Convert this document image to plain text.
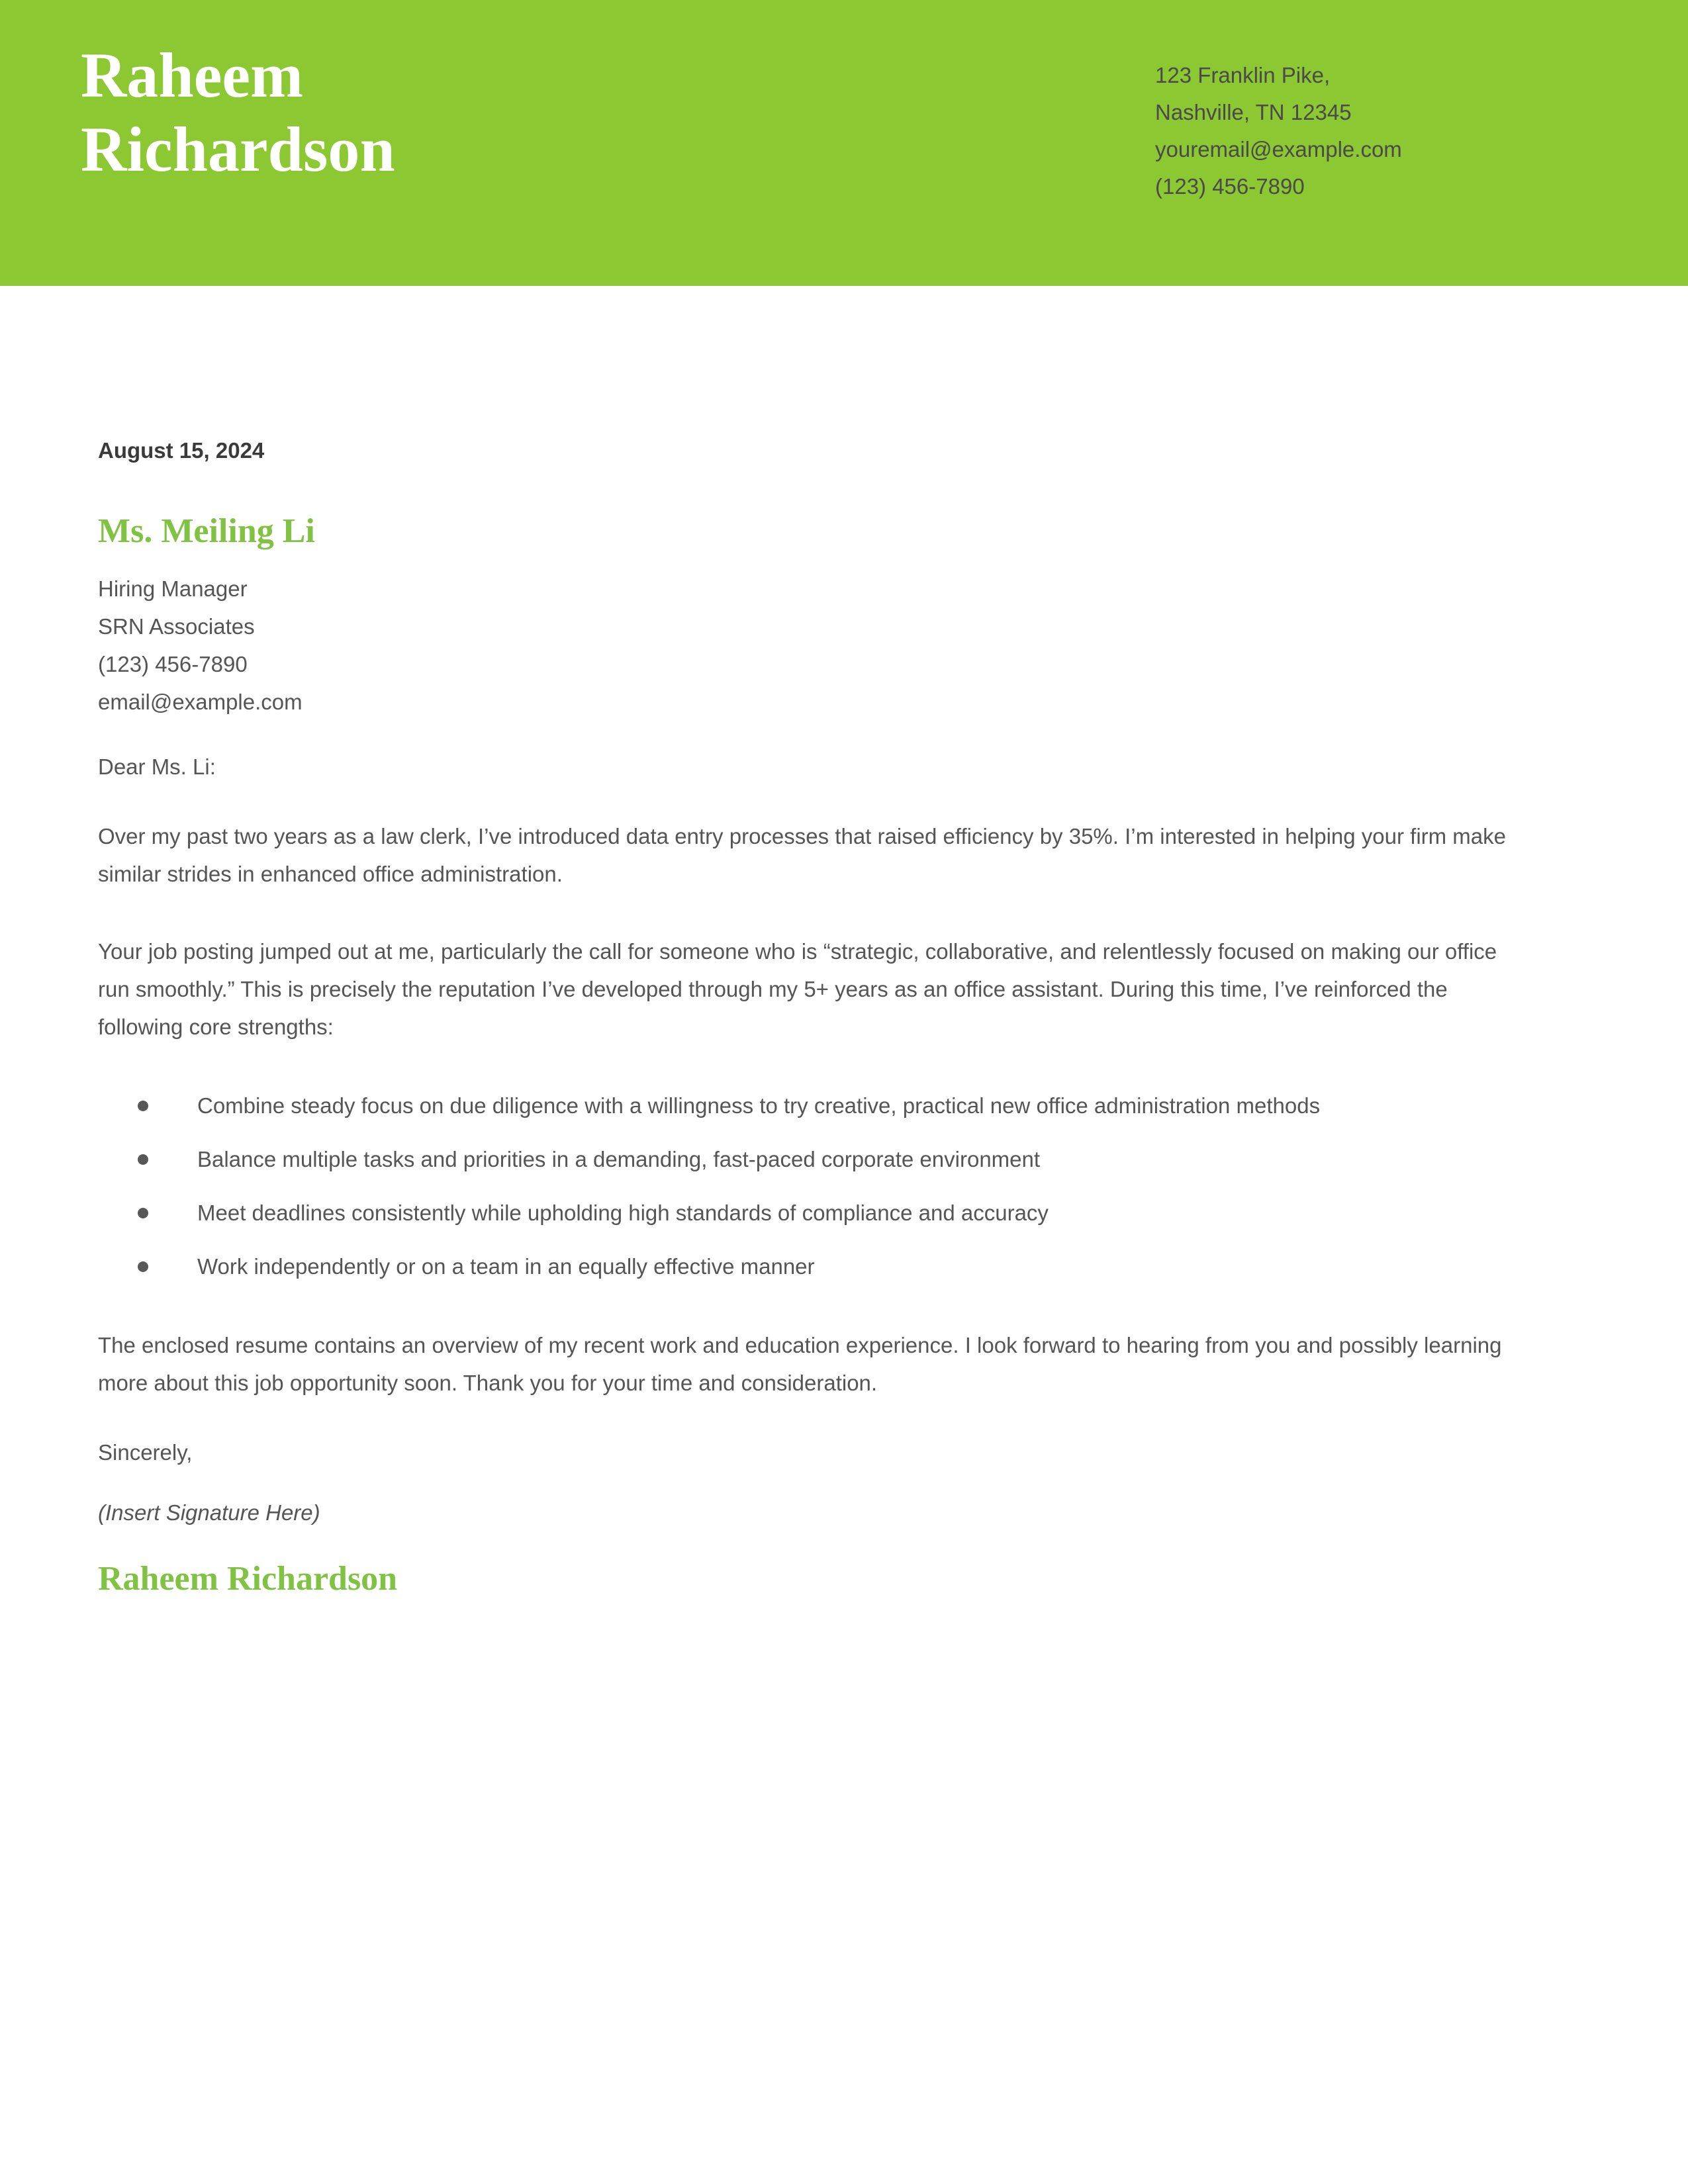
Raheem
Richardson
123 Franklin Pike,
Nashville, TN 12345
youremail@example.com
(123) 456-7890
August 15, 2024
Ms. Meiling Li
Hiring Manager
SRN Associates
(123) 456-7890
email@example.com
Dear Ms. Li:
Over my past two years as a law clerk, I’ve introduced data entry processes that raised efficiency by 35%. I’m interested in helping your firm make similar strides in enhanced office administration.
Your job posting jumped out at me, particularly the call for someone who is “strategic, collaborative, and relentlessly focused on making our office run smoothly.” This is precisely the reputation I’ve developed through my 5+ years as an office assistant. During this time, I’ve reinforced the following core strengths:
Combine steady focus on due diligence with a willingness to try creative, practical new office administration methods
Balance multiple tasks and priorities in a demanding, fast-paced corporate environment
Meet deadlines consistently while upholding high standards of compliance and accuracy
Work independently or on a team in an equally effective manner
The enclosed resume contains an overview of my recent work and education experience. I look forward to hearing from you and possibly learning more about this job opportunity soon. Thank you for your time and consideration.
Sincerely,
(Insert Signature Here)
Raheem Richardson
